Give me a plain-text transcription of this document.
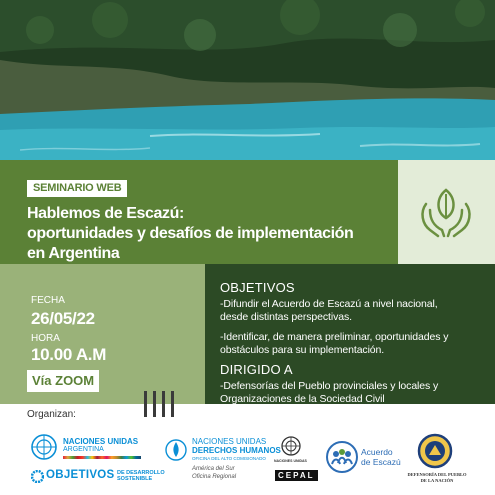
SEMINARIO WEB
Hablemos de Escazú:
oportunidades y desafíos de implementación
en Argentina
FECHA
26/05/22
HORA
10.00 A.M
Vía ZOOM
OBJETIVOS
-Difundir el Acuerdo de Escazú a nivel nacional,
desde distintas perspectivas.
-Identificar, de manera preliminar, oportunidades y
obstáculos para su implementación.
DIRIGIDO A
-Defensorías del Pueblo provinciales y locales y
Organizaciones de la Sociedad Civil
Organizan:
NACIONES UNIDAS
ARGENTINA
OBJETIVOS DE DESARROLLO
SOSTENIBLE
NACIONES UNIDAS
DERECHOS HUMANOS
OFICINA DEL ALTO COMISIONADO
América del Sur
Oficina Regional
NACIONES UNIDAS
CEPAL
Acuerdo
de Escazú
DEFENSORÍA DEL PUEBLO
DE LA NACIÓN
